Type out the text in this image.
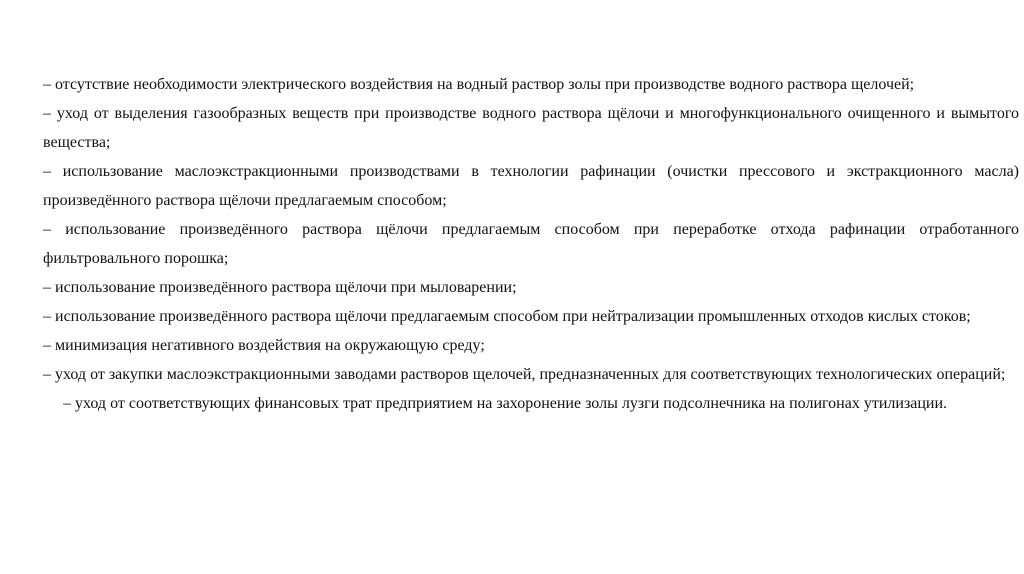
– отсутствие необходимости электрического воздействия на водный раствор золы при производстве водного раствора щелочей;

– уход от выделения газообразных веществ при производстве водного раствора щёлочи и многофункционального очищенного и вымытого вещества;

– использование маслоэкстракционными производствами в технологии рафинации (очистки прессового и экстракционного масла) произведённого раствора щёлочи предлагаемым способом;

– использование произведённого раствора щёлочи предлагаемым способом при переработке отхода рафинации отработанного фильтровального порошка;

– использование произведённого раствора щёлочи при мыловарении;

– использование произведённого раствора щёлочи предлагаемым способом при нейтрализации промышленных отходов кислых стоков;

– минимизация негативного воздействия на окружающую среду;

– уход от закупки маслоэкстракционными заводами растворов щелочей, предназначенных для соответствующих технологических операций;

– уход от соответствующих финансовых трат предприятием на захоронение золы лузги подсолнечника на полигонах утилизации.
